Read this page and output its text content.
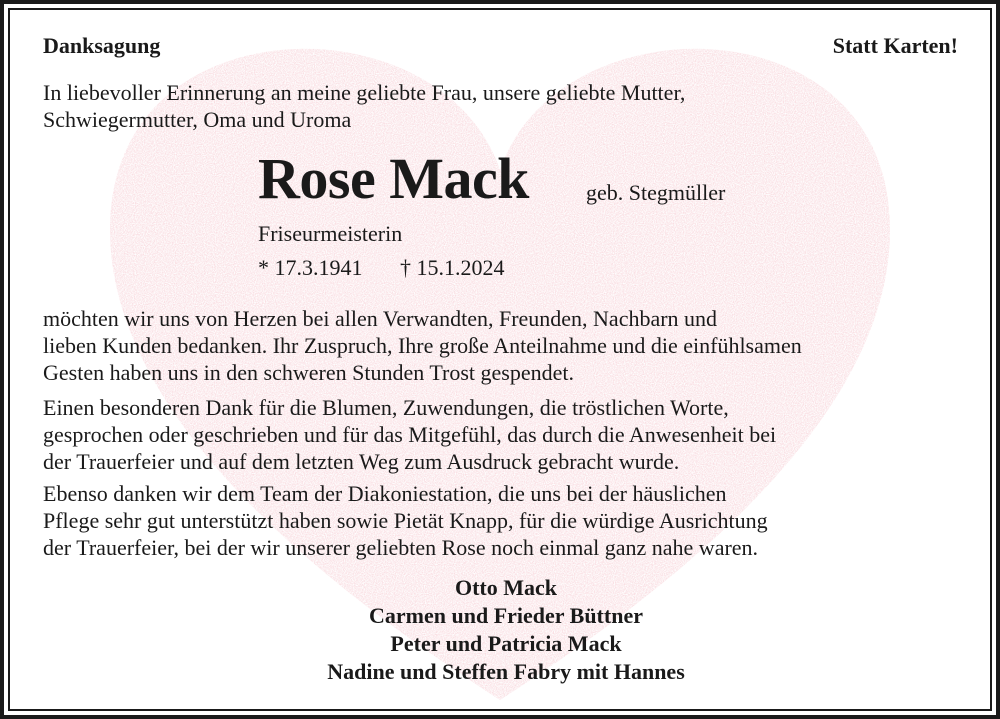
Danksagung	Statt Karten!
In liebevoller Erinnerung an meine geliebte Frau, unsere geliebte Mutter,
Schwiegermutter, Oma und Uroma
Rose Mack	geb. Stegmüller
Friseurmeisterin
* 17.3.1941 † 15.1.2024
möchten wir uns von Herzen bei allen Verwandten, Freunden, Nachbarn und
lieben Kunden bedanken. Ihr Zuspruch, Ihre große Anteilnahme und die einfühlsamen
Gesten haben uns in den schweren Stunden Trost gespendet.
Einen besonderen Dank für die Blumen, Zuwendungen, die tröstlichen Worte,
gesprochen oder geschrieben und für das Mitgefühl, das durch die Anwesenheit bei
der Trauerfeier und auf dem letzten Weg zum Ausdruck gebracht wurde.
Ebenso danken wir dem Team der Diakoniestation, die uns bei der häuslichen
Pflege sehr gut unterstützt haben sowie Pietät Knapp, für die würdige Ausrichtung
der Trauerfeier, bei der wir unserer geliebten Rose noch einmal ganz nahe waren.
Otto Mack
Carmen und Frieder Büttner
Peter und Patricia Mack
Nadine und Steffen Fabry mit Hannes
